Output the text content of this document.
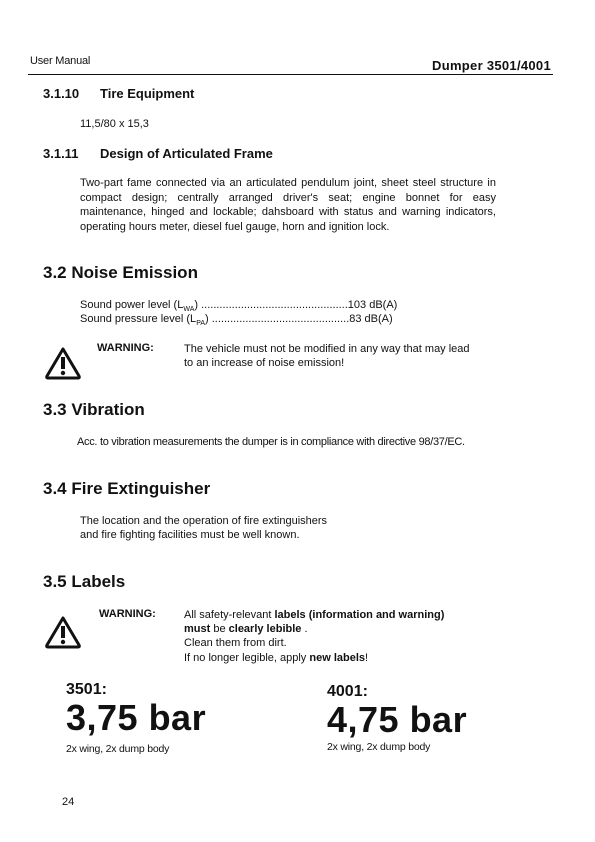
User Manual	Dumper 3501/4001
3.1.10 Tire Equipment
11,5/80 x 15,3
3.1.11 Design of Articulated Frame
Two-part fame connected via an articulated pendulum joint, sheet steel structure in compact design; centrally arranged driver's seat; engine bonnet for easy maintenance, hinged and lockable; dahsboard with status and warning indicators, operating hours meter, diesel fuel gauge, horn and ignition lock.
3.2 Noise Emission
Sound power level $(L_{WA})$ ................................................103 dB(A)
Sound pressure level $(L_{PA})$ .............................................83 dB(A)
WARNING:	The vehicle must not be modified in any way that may lead
to an increase of noise emission!
3.3 Vibration
Acc. to vibration measurements the dumper is in compliance with directive 98/37/EC.
3.4 Fire Extinguisher
The location and the operation of fire extinguishers
and fire fighting facilities must be well known.
3.5 Labels
WARNING:	All safety-relevant labels (information and warning)
must be clearly lebible .
Clean them from dirt.
If no longer legible, apply new labels!
3501:
3,75 bar
2x wing, 2x dump body
4001:
4,75 bar
2x wing, 2x dump body
24
